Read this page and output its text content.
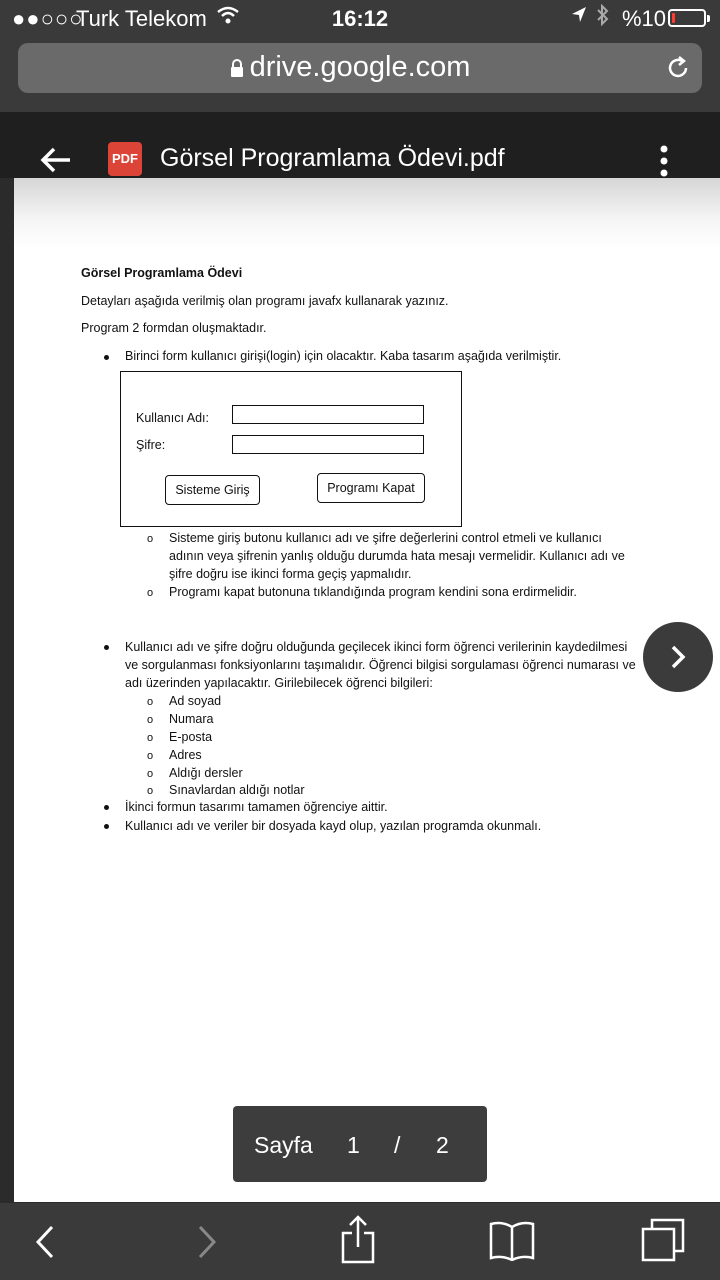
●●○○○
Turk Telekom	16:12	%10
drive.google.com
PDF Görsel Programlama Ödevi.pdf
Görsel Programlama Ödevi
Detayları aşağıda verilmiş olan programı javafx kullanarak yazınız.
Program 2 formdan oluşmaktadır.
Birinci form kullanıcı girişi(login) için olacaktır. Kaba tasarım aşağıda verilmiştir.
Kullanıcı Adı:
Şifre:
Sisteme Giriş	Programı Kapat
o Sisteme giriş butonu kullanıcı adı ve şifre değerlerini control etmeli ve kullanıcı
adının veya şifrenin yanlış olduğu durumda hata mesajı vermelidir. Kullanıcı adı ve
şifre doğru ise ikinci forma geçiş yapmalıdır.
o Programı kapat butonuna tıklandığında program kendini sona erdirmelidir.
Kullanıcı adı ve şifre doğru olduğunda geçilecek ikinci form öğrenci verilerinin kaydedilmesi
ve sorgulanması fonksiyonlarını taşımalıdır. Öğrenci bilgisi sorgulaması öğrenci numarası ve
adı üzerinden yapılacaktır. Girilebilecek öğrenci bilgileri:
o Ad soyad
o Numara
o E-posta
o Adres
o Aldığı dersler
o Sınavlardan aldığı notlar
İkinci formun tasarımı tamamen öğrenciye aittir.
Kullanıcı adı ve veriler bir dosyada kayd olup, yazılan programda okunmalı.
Sayfa 1 / 2
